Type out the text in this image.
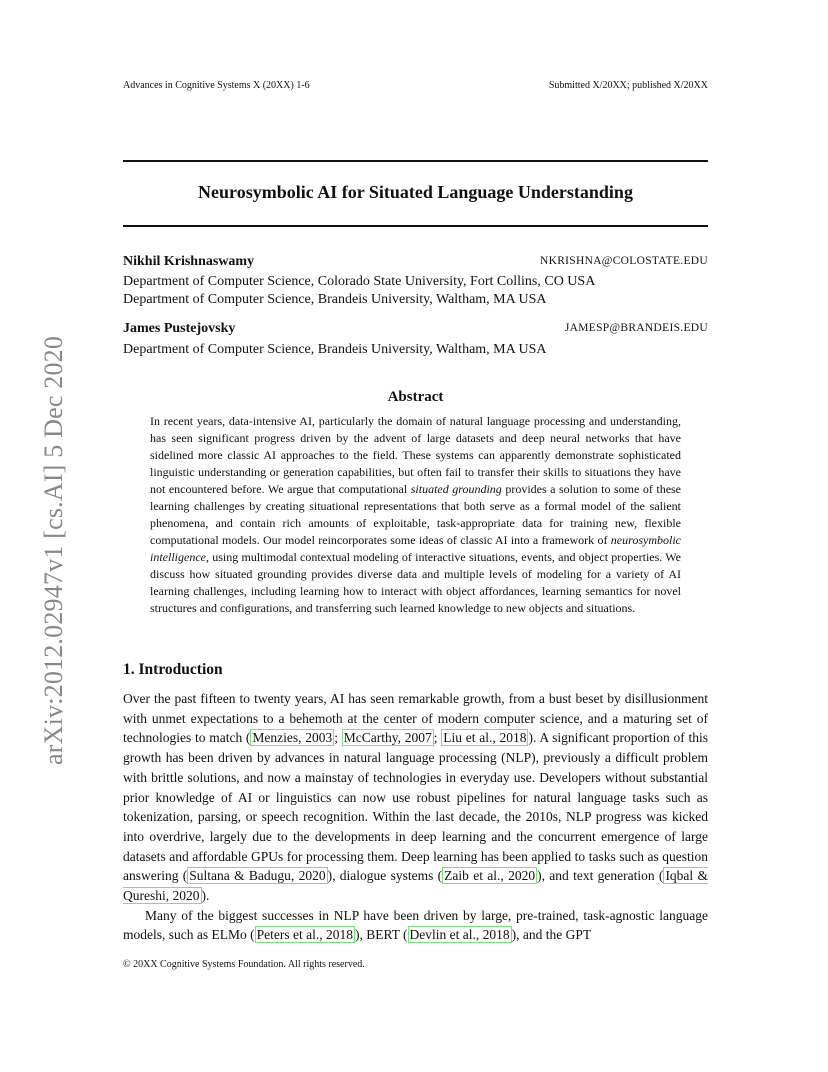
Advances in Cognitive Systems X (20XX) 1-6	Submitted X/20XX; published X/20XX
Neurosymbolic AI for Situated Language Understanding
Nikhil Krishnaswamy	NKRISHNA@COLOSTATE.EDU
Department of Computer Science, Colorado State University, Fort Collins, CO USA
Department of Computer Science, Brandeis University, Waltham, MA USA
James Pustejovsky	JAMESP@BRANDEIS.EDU
Department of Computer Science, Brandeis University, Waltham, MA USA
Abstract
In recent years, data-intensive AI, particularly the domain of natural language processing and understanding, has seen significant progress driven by the advent of large datasets and deep neural networks that have sidelined more classic AI approaches to the field. These systems can apparently demonstrate sophisticated linguistic understanding or generation capabilities, but often fail to transfer their skills to situations they have not encountered before. We argue that computational situated grounding provides a solution to some of these learning challenges by creating situational representations that both serve as a formal model of the salient phenomena, and contain rich amounts of exploitable, task-appropriate data for training new, flexible computational models. Our model reincorporates some ideas of classic AI into a framework of neurosymbolic intelligence, using multimodal contextual modeling of interactive situations, events, and object properties. We discuss how situated grounding provides diverse data and multiple levels of modeling for a variety of AI learning challenges, including learning how to interact with object affordances, learning semantics for novel structures and configurations, and transferring such learned knowledge to new objects and situations.
1. Introduction

Over the past fifteen to twenty years, AI has seen remarkable growth, from a bust beset by disillusionment with unmet expectations to a behemoth at the center of modern computer science, and a maturing set of technologies to match ( Menzies, 2003 ; McCarthy, 2007 ; Liu et al., 2018 ). A significant proportion of this growth has been driven by advances in natural language processing (NLP), previously a difficult problem with brittle solutions, and now a mainstay of technologies in everyday use. Developers without substantial prior knowledge of AI or linguistics can now use robust pipelines for natural language tasks such as tokenization, parsing, or speech recognition. Within the last decade, the 2010s, NLP progress was kicked into overdrive, largely due to the developments in deep learning and the concurrent emergence of large datasets and affordable GPUs for processing them. Deep learning has been applied to tasks such as question answering ( Sultana & Badugu, 2020 ), dialogue systems ( Zaib et al., 2020 ), and text generation ( Iqbal & Qureshi, 2020 ).

Many of the biggest successes in NLP have been driven by large, pre-trained, task-agnostic language models, such as ELMo ( Peters et al., 2018 ), BERT ( Devlin et al., 2018 ), and the GPT

© 20XX Cognitive Systems Foundation. All rights reserved.
arXiv:2012.02947v1 [cs.AI] 5 Dec 2020
